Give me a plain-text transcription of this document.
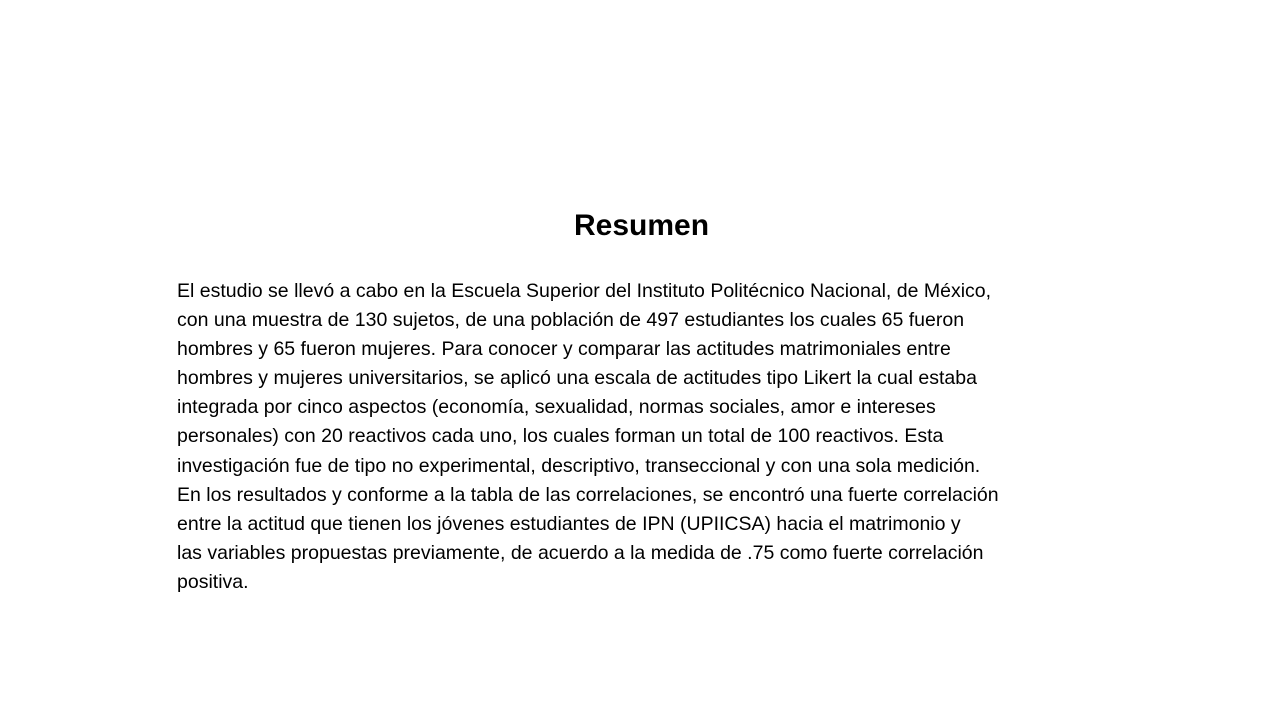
Resumen
El estudio se llevó a cabo en la Escuela Superior del Instituto Politécnico Nacional, de México,
con una muestra de 130 sujetos, de una población de 497 estudiantes los cuales 65 fueron
hombres y 65 fueron mujeres. Para conocer y comparar las actitudes matrimoniales entre
hombres y mujeres universitarios, se aplicó una escala de actitudes tipo Likert la cual estaba
integrada por cinco aspectos (economía, sexualidad, normas sociales, amor e intereses
personales) con 20 reactivos cada uno, los cuales forman un total de 100 reactivos. Esta
investigación fue de tipo no experimental, descriptivo, transeccional y con una sola medición.
En los resultados y conforme a la tabla de las correlaciones, se encontró una fuerte correlación
entre la actitud que tienen los jóvenes estudiantes de IPN (UPIICSA) hacia el matrimonio y
las variables propuestas previamente, de acuerdo a la medida de .75 como fuerte correlación
positiva.
